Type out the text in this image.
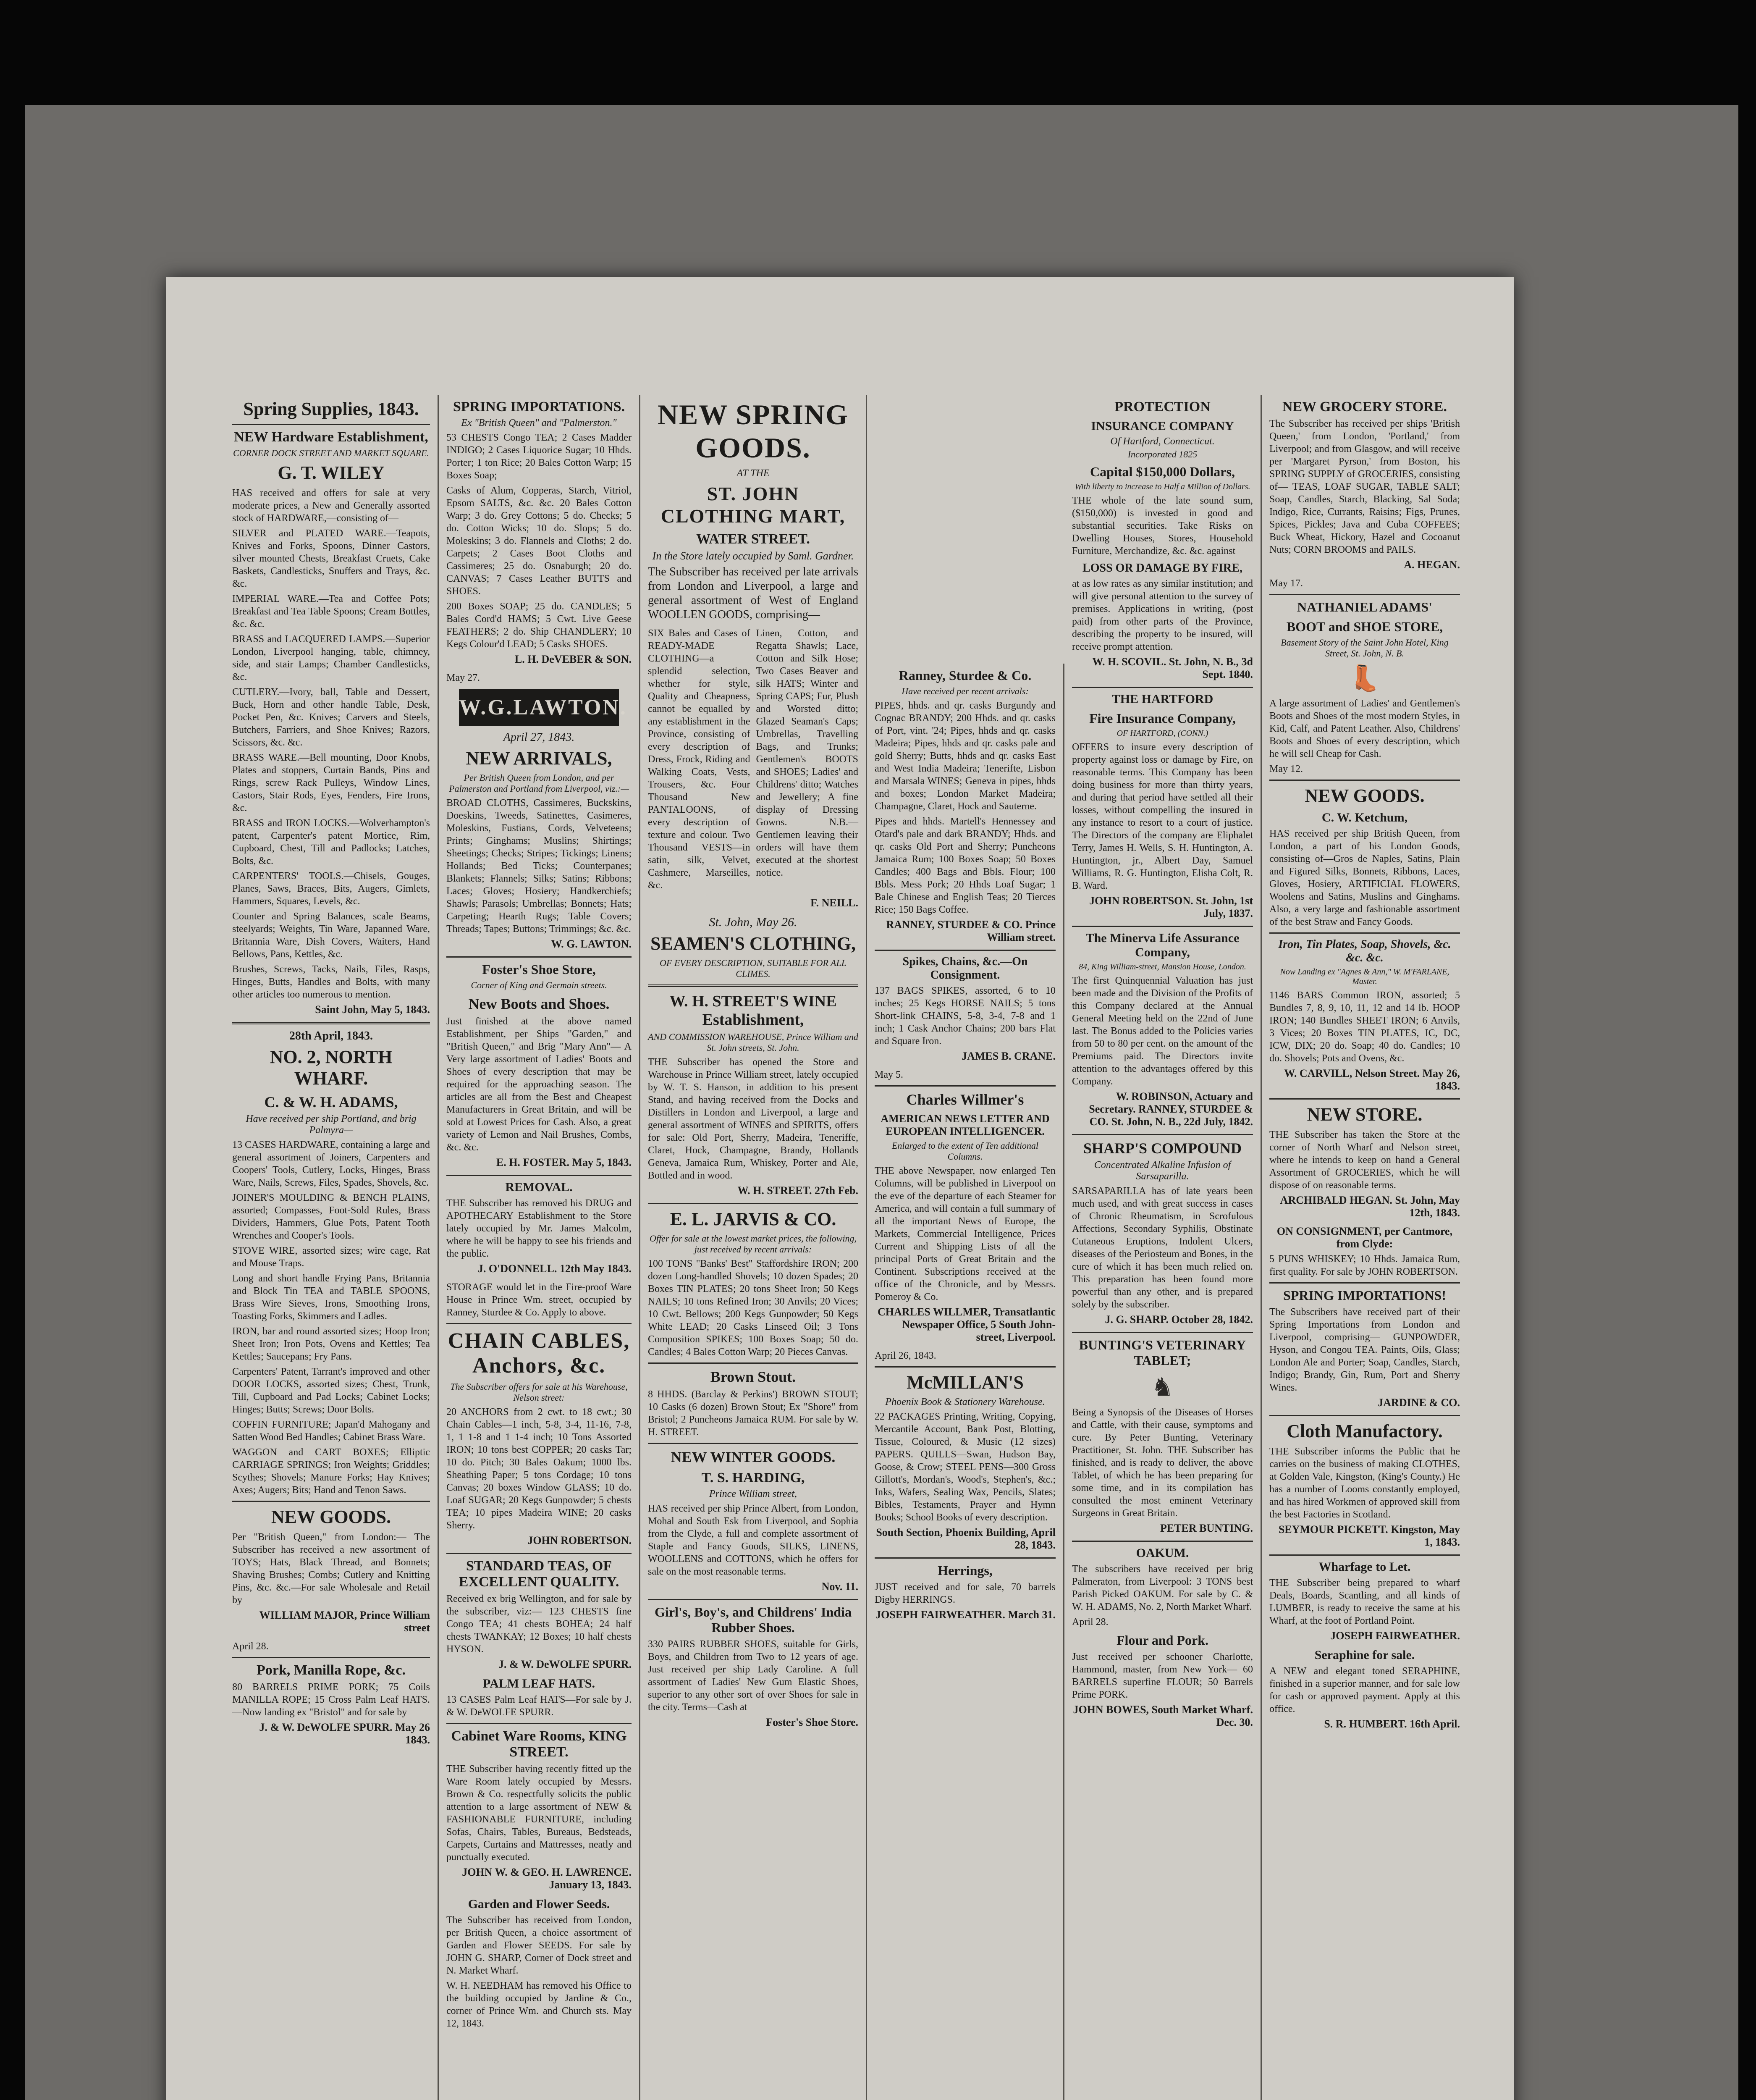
Spring Supplies, 1843.
NEW Hardware Establishment,
CORNER DOCK STREET AND MARKET SQUARE.
G. T. WILEY
HAS received and offers for sale at very moderate prices, a New and Generally assorted stock of HARDWARE,—consisting of—
SILVER and PLATED WARE.—Teapots, Knives and Forks, Spoons, Dinner Castors, silver mounted Chests, Breakfast Cruets, Cake Baskets, Candlesticks, Snuffers and Trays, &c. &c.
IMPERIAL WARE.—Tea and Coffee Pots; Breakfast and Tea Table Spoons; Cream Bottles, &c. &c.
BRASS and LACQUERED LAMPS.—Superior London, Liverpool hanging, table, chimney, side, and stair Lamps; Chamber Candlesticks, &c.
CUTLERY.—Ivory, ball, Table and Dessert, Buck, Horn and other handle Table, Desk, Pocket Pen, &c. Knives; Carvers and Steels, Butchers, Farriers, and Shoe Knives; Razors, Scissors, &c. &c.
BRASS WARE.—Bell mounting, Door Knobs, Plates and stoppers, Curtain Bands, Pins and Rings, screw Rack Pulleys, Window Lines, Castors, Stair Rods, Eyes, Fenders, Fire Irons, &c.
BRASS and IRON LOCKS.—Wolverhampton's patent, Carpenter's patent Mortice, Rim, Cupboard, Chest, Till and Padlocks; Latches, Bolts, &c.
CARPENTERS' TOOLS.—Chisels, Gouges, Planes, Saws, Braces, Bits, Augers, Gimlets, Hammers, Squares, Levels, &c.
Counter and Spring Balances, scale Beams, steelyards; Weights, Tin Ware, Japanned Ware, Britannia Ware, Dish Covers, Waiters, Hand Bellows, Pans, Kettles, &c.
Brushes, Screws, Tacks, Nails, Files, Rasps, Hinges, Butts, Handles and Bolts, with many other articles too numerous to mention.
Saint John, May 5, 1843.
28th April, 1843.
NO. 2, NORTH WHARF.
C. & W. H. ADAMS,
Have received per ship Portland, and brig Palmyra—
13 CASES HARDWARE, containing a large and general assortment of Joiners, Carpenters and Coopers' Tools, Cutlery, Locks, Hinges, Brass Ware, Nails, Screws, Files, Spades, Shovels, &c.
JOINER'S MOULDING & BENCH PLAINS, assorted; Compasses, Foot-Sold Rules, Brass Dividers, Hammers, Glue Pots, Patent Tooth Wrenches and Cooper's Tools.
STOVE WIRE, assorted sizes; wire cage, Rat and Mouse Traps.
Long and short handle Frying Pans, Britannia and Block Tin TEA and TABLE SPOONS, Brass Wire Sieves, Irons, Smoothing Irons, Toasting Forks, Skimmers and Ladles.
IRON, bar and round assorted sizes; Hoop Iron; Sheet Iron; Iron Pots, Ovens and Kettles; Tea Kettles; Saucepans; Fry Pans.
Carpenters' Patent, Tarrant's improved and other DOOR LOCKS, assorted sizes; Chest, Trunk, Till, Cupboard and Pad Locks; Cabinet Locks; Hinges; Butts; Screws; Door Bolts.
COFFIN FURNITURE; Japan'd Mahogany and Satten Wood Bed Handles; Cabinet Brass Ware.
WAGGON and CART BOXES; Elliptic CARRIAGE SPRINGS; Iron Weights; Griddles; Scythes; Shovels; Manure Forks; Hay Knives; Axes; Augers; Bits; Hand and Tenon Saws.
NEW GOODS.
Per "British Queen," from London:— The Subscriber has received a new assortment of TOYS; Hats, Black Thread, and Bonnets; Shaving Brushes; Combs; Cutlery and Knitting Pins, &c. &c.—For sale Wholesale and Retail by
WILLIAM MAJOR, Prince William street
April 28.
Pork, Manilla Rope, &c.
80 BARRELS PRIME PORK; 75 Coils MANILLA ROPE; 15 Cross Palm Leaf HATS.—Now landing ex "Bristol" and for sale by
J. & W. DeWOLFE SPURR. May 26 1843.
SPRING IMPORTATIONS.
Ex "British Queen" and "Palmerston."
53 CHESTS Congo TEA; 2 Cases Madder INDIGO; 2 Cases Liquorice Sugar; 10 Hhds. Porter; 1 ton Rice; 20 Bales Cotton Warp; 15 Boxes Soap;
Casks of Alum, Copperas, Starch, Vitriol, Epsom SALTS, &c. &c. 20 Bales Cotton Warp; 3 do. Grey Cottons; 5 do. Checks; 5 do. Cotton Wicks; 10 do. Slops; 5 do. Moleskins; 3 do. Flannels and Cloths; 2 do. Carpets; 2 Cases Boot Cloths and Cassimeres; 25 do. Osnaburgh; 20 do. CANVAS; 7 Cases Leather BUTTS and SHOES.
200 Boxes SOAP; 25 do. CANDLES; 5 Bales Cord'd HAMS; 5 Cwt. Live Geese FEATHERS; 2 do. Ship CHANDLERY; 10 Kegs Colour'd LEAD; 5 Casks SHOES.
L. H. DeVEBER & SON.
May 27.
W.G.LAWTON.
April 27, 1843.
NEW ARRIVALS,
Per British Queen from London, and per Palmerston and Portland from Liverpool, viz.:—
BROAD CLOTHS, Cassimeres, Buckskins, Doeskins, Tweeds, Satinettes, Casimeres, Moleskins, Fustians, Cords, Velveteens; Prints; Ginghams; Muslins; Shirtings; Sheetings; Checks; Stripes; Tickings; Linens; Hollands; Bed Ticks; Counterpanes; Blankets; Flannels; Silks; Satins; Ribbons; Laces; Gloves; Hosiery; Handkerchiefs; Shawls; Parasols; Umbrellas; Bonnets; Hats; Carpeting; Hearth Rugs; Table Covers; Threads; Tapes; Buttons; Trimmings; &c. &c.
W. G. LAWTON.
Foster's Shoe Store,
Corner of King and Germain streets.
New Boots and Shoes.
Just finished at the above named Establishment, per Ships "Garden," and "British Queen," and Brig "Mary Ann"— A Very large assortment of Ladies' Boots and Shoes of every description that may be required for the approaching season. The articles are all from the Best and Cheapest Manufacturers in Great Britain, and will be sold at Lowest Prices for Cash. Also, a great variety of Lemon and Nail Brushes, Combs, &c. &c.
E. H. FOSTER. May 5, 1843.
REMOVAL.
THE Subscriber has removed his DRUG and APOTHECARY Establishment to the Store lately occupied by Mr. James Malcolm, where he will be happy to see his friends and the public.
J. O'DONNELL. 12th May 1843.
STORAGE would let in the Fire-proof Ware House in Prince Wm. street, occupied by Ranney, Sturdee & Co. Apply to above.
CHAIN CABLES, Anchors, &c.
The Subscriber offers for sale at his Warehouse, Nelson street:
20 ANCHORS from 2 cwt. to 18 cwt.; 30 Chain Cables—1 inch, 5-8, 3-4, 11-16, 7-8, 1, 1 1-8 and 1 1-4 inch; 10 Tons Assorted IRON; 10 tons best COPPER; 20 casks Tar; 10 do. Pitch; 30 Bales Oakum; 1000 lbs. Sheathing Paper; 5 tons Cordage; 10 tons Canvas; 20 boxes Window GLASS; 10 do. Loaf SUGAR; 20 Kegs Gunpowder; 5 chests TEA; 10 pipes Madeira WINE; 20 casks Sherry.
JOHN ROBERTSON.
STANDARD TEAS, OF EXCELLENT QUALITY.
Received ex brig Wellington, and for sale by the subscriber, viz:— 123 CHESTS fine Congo TEA; 41 chests BOHEA; 24 half chests TWANKAY; 12 Boxes; 10 half chests HYSON.
J. & W. DeWOLFE SPURR.
PALM LEAF HATS.
13 CASES Palm Leaf HATS—For sale by J. & W. DeWOLFE SPURR.
Cabinet Ware Rooms, KING STREET.
THE Subscriber having recently fitted up the Ware Room lately occupied by Messrs. Brown & Co. respectfully solicits the public attention to a large assortment of NEW & FASHIONABLE FURNITURE, including Sofas, Chairs, Tables, Bureaus, Bedsteads, Carpets, Curtains and Mattresses, neatly and punctually executed.
JOHN W. & GEO. H. LAWRENCE. January 13, 1843.
Garden and Flower Seeds.
The Subscriber has received from London, per British Queen, a choice assortment of Garden and Flower SEEDS. For sale by JOHN G. SHARP, Corner of Dock street and N. Market Wharf.
W. H. NEEDHAM has removed his Office to the building occupied by Jardine & Co., corner of Prince Wm. and Church sts. May 12, 1843.
NEW SPRING GOODS.
AT THE
ST. JOHN CLOTHING MART,
WATER STREET.
In the Store lately occupied by Saml. Gardner.
The Subscriber has received per late arrivals from London and Liverpool, a large and general assortment of West of England WOOLLEN GOODS, comprising—
SIX Bales and Cases of READY-MADE CLOTHING—a splendid selection, whether for style, Quality and Cheapness, cannot be equalled by any establishment in the Province, consisting of every description of Dress, Frock, Riding and Walking Coats, Vests, Trousers, &c. Four Thousand New PANTALOONS, of every description of texture and colour. Two Thousand VESTS—in satin, silk, Velvet, Cashmere, Marseilles, &c.
Linen, Cotton, and Regatta Shawls; Lace, Cotton and Silk Hose; Two Cases Beaver and silk HATS; Winter and Spring CAPS; Fur, Plush and Worsted ditto; Glazed Seaman's Caps; Umbrellas, Travelling Bags, and Trunks; Gentlemen's BOOTS and SHOES; Ladies' and Childrens' ditto; Watches and Jewellery; A fine display of Dressing Gowns. N.B.—Gentlemen leaving their orders will have them executed at the shortest notice.
F. NEILL.
St. John, May 26.
SEAMEN'S CLOTHING,
OF EVERY DESCRIPTION, SUITABLE FOR ALL CLIMES.
W. H. STREET'S WINE Establishment,
AND COMMISSION WAREHOUSE, Prince William and St. John streets, St. John.
THE Subscriber has opened the Store and Warehouse in Prince William street, lately occupied by W. T. S. Hanson, in addition to his present Stand, and having received from the Docks and Distillers in London and Liverpool, a large and general assortment of WINES and SPIRITS, offers for sale: Old Port, Sherry, Madeira, Teneriffe, Claret, Hock, Champagne, Brandy, Hollands Geneva, Jamaica Rum, Whiskey, Porter and Ale, Bottled and in wood.
W. H. STREET. 27th Feb.
E. L. JARVIS & CO.
Offer for sale at the lowest market prices, the following, just received by recent arrivals:
100 TONS "Banks' Best" Staffordshire IRON; 200 dozen Long-handled Shovels; 10 dozen Spades; 20 Boxes TIN PLATES; 20 tons Sheet Iron; 50 Kegs NAILS; 10 tons Refined Iron; 30 Anvils; 20 Vices; 10 Cwt. Bellows; 200 Kegs Gunpowder; 50 Kegs White LEAD; 20 Casks Linseed Oil; 3 Tons Composition SPIKES; 100 Boxes Soap; 50 do. Candles; 4 Bales Cotton Warp; 20 Pieces Canvas.
Brown Stout.
8 HHDS. (Barclay & Perkins') BROWN STOUT; 10 Casks (6 dozen) Brown Stout; Ex "Shore" from Bristol; 2 Puncheons Jamaica RUM. For sale by W. H. STREET.
NEW WINTER GOODS.
T. S. HARDING,
Prince William street,
HAS received per ship Prince Albert, from London, Mohal and South Esk from Liverpool, and Sophia from the Clyde, a full and complete assortment of Staple and Fancy Goods, SILKS, LINENS, WOOLLENS and COTTONS, which he offers for sale on the most reasonable terms.
Nov. 11.
Girl's, Boy's, and Childrens' India Rubber Shoes.
330 PAIRS RUBBER SHOES, suitable for Girls, Boys, and Children from Two to 12 years of age. Just received per ship Lady Caroline. A full assortment of Ladies' New Gum Elastic Shoes, superior to any other sort of over Shoes for sale in the city. Terms—Cash at
Foster's Shoe Store.
Ranney, Sturdee & Co.
Have received per recent arrivals:
PIPES, hhds. and qr. casks Burgundy and Cognac BRANDY; 200 Hhds. and qr. casks of Port, vint. '24; Pipes, hhds and qr. casks Madeira; Pipes, hhds and qr. casks pale and gold Sherry; Butts, hhds and qr. casks East and West India Madeira; Tenerifte, Lisbon and Marsala WINES; Geneva in pipes, hhds and boxes; London Market Madeira; Champagne, Claret, Hock and Sauterne.
Pipes and hhds. Martell's Hennessey and Otard's pale and dark BRANDY; Hhds. and qr. casks Old Port and Sherry; Puncheons Jamaica Rum; 100 Boxes Soap; 50 Boxes Candles; 400 Bags and Bbls. Flour; 100 Bbls. Mess Pork; 20 Hhds Loaf Sugar; 1 Bale Chinese and English Teas; 20 Tierces Rice; 150 Bags Coffee.
RANNEY, STURDEE & CO. Prince William street.
Spikes, Chains, &c.—On Consignment.
137 BAGS SPIKES, assorted, 6 to 10 inches; 25 Kegs HORSE NAILS; 5 tons Short-link CHAINS, 5-8, 3-4, 7-8 and 1 inch; 1 Cask Anchor Chains; 200 bars Flat and Square Iron.
JAMES B. CRANE.
May 5.
Charles Willmer's
AMERICAN NEWS LETTER AND EUROPEAN INTELLIGENCER.
Enlarged to the extent of Ten additional Columns.
THE above Newspaper, now enlarged Ten Columns, will be published in Liverpool on the eve of the departure of each Steamer for America, and will contain a full summary of all the important News of Europe, the Markets, Commercial Intelligence, Prices Current and Shipping Lists of all the principal Ports of Great Britain and the Continent. Subscriptions received at the office of the Chronicle, and by Messrs. Pomeroy & Co.
CHARLES WILLMER, Transatlantic Newspaper Office, 5 South John-street, Liverpool.
April 26, 1843.
McMILLAN'S
Phoenix Book & Stationery Warehouse.
22 PACKAGES Printing, Writing, Copying, Mercantile Account, Bank Post, Blotting, Tissue, Coloured, & Music (12 sizes) PAPERS. QUILLS—Swan, Hudson Bay, Goose, & Crow; STEEL PENS—300 Gross Gillott's, Mordan's, Wood's, Stephen's, &c.; Inks, Wafers, Sealing Wax, Pencils, Slates; Bibles, Testaments, Prayer and Hymn Books; School Books of every description.
South Section, Phoenix Building, April 28, 1843.
Herrings,
JUST received and for sale, 70 barrels Digby HERRINGS.
JOSEPH FAIRWEATHER. March 31.
PROTECTION
INSURANCE COMPANY
Of Hartford, Connecticut.
Incorporated 1825
Capital $150,000 Dollars,
With liberty to increase to Half a Million of Dollars.
THE whole of the late sound sum, ($150,000) is invested in good and substantial securities. Take Risks on Dwelling Houses, Stores, Household Furniture, Merchandize, &c. &c. against
LOSS OR DAMAGE BY FIRE,
at as low rates as any similar institution; and will give personal attention to the survey of premises. Applications in writing, (post paid) from other parts of the Province, describing the property to be insured, will receive prompt attention.
W. H. SCOVIL. St. John, N. B., 3d Sept. 1840.
THE HARTFORD
Fire Insurance Company,
OF HARTFORD, (CONN.)
OFFERS to insure every description of property against loss or damage by Fire, on reasonable terms. This Company has been doing business for more than thirty years, and during that period have settled all their losses, without compelling the insured in any instance to resort to a court of justice. The Directors of the company are Eliphalet Terry, James H. Wells, S. H. Huntington, A. Huntington, jr., Albert Day, Samuel Williams, R. G. Huntington, Elisha Colt, R. B. Ward.
JOHN ROBERTSON. St. John, 1st July, 1837.
The Minerva Life Assurance Company,
84, King William-street, Mansion House, London.
The first Quinquennial Valuation has just been made and the Division of the Profits of this Company declared at the Annual General Meeting held on the 22nd of June last. The Bonus added to the Policies varies from 50 to 80 per cent. on the amount of the Premiums paid. The Directors invite attention to the advantages offered by this Company.
W. ROBINSON, Actuary and Secretary. RANNEY, STURDEE & CO. St. John, N. B., 22d July, 1842.
SHARP'S COMPOUND
Concentrated Alkaline Infusion of Sarsaparilla.
SARSAPARILLA has of late years been much used, and with great success in cases of Chronic Rheumatism, in Scrofulous Affections, Secondary Syphilis, Obstinate Cutaneous Eruptions, Indolent Ulcers, diseases of the Periosteum and Bones, in the cure of which it has been much relied on. This preparation has been found more powerful than any other, and is prepared solely by the subscriber.
J. G. SHARP. October 28, 1842.
BUNTING'S VETERINARY TABLET;
♞
Being a Synopsis of the Diseases of Horses and Cattle, with their cause, symptoms and cure. By Peter Bunting, Veterinary Practitioner, St. John. THE Subscriber has finished, and is ready to deliver, the above Tablet, of which he has been preparing for some time, and in its compilation has consulted the most eminent Veterinary Surgeons in Great Britain.
PETER BUNTING.
OAKUM.
The subscribers have received per brig Palmeraton, from Liverpool: 3 TONS best Parish Picked OAKUM. For sale by C. & W. H. ADAMS, No. 2, North Market Wharf.
April 28.
Flour and Pork.
Just received per schooner Charlotte, Hammond, master, from New York— 60 BARRELS superfine FLOUR; 50 Barrels Prime PORK.
JOHN BOWES, South Market Wharf. Dec. 30.
NEW GROCERY STORE.
The Subscriber has received per ships 'British Queen,' from London, 'Portland,' from Liverpool; and from Glasgow, and will receive per 'Margaret Pyrson,' from Boston, his SPRING SUPPLY of GROCERIES, consisting of— TEAS, LOAF SUGAR, TABLE SALT; Soap, Candles, Starch, Blacking, Sal Soda; Indigo, Rice, Currants, Raisins; Figs, Prunes, Spices, Pickles; Java and Cuba COFFEES; Buck Wheat, Hickory, Hazel and Cocoanut Nuts; CORN BROOMS and PAILS.
A. HEGAN.
May 17.
NATHANIEL ADAMS'
BOOT and SHOE STORE,
Basement Story of the Saint John Hotel, King Street, St. John, N. B.
👢
A large assortment of Ladies' and Gentlemen's Boots and Shoes of the most modern Styles, in Kid, Calf, and Patent Leather. Also, Childrens' Boots and Shoes of every description, which he will sell Cheap for Cash.
May 12.
NEW GOODS.
C. W. Ketchum,
HAS received per ship British Queen, from London, a part of his London Goods, consisting of—Gros de Naples, Satins, Plain and Figured Silks, Bonnets, Ribbons, Laces, Gloves, Hosiery, ARTIFICIAL FLOWERS, Woolens and Satins, Muslins and Ginghams. Also, a very large and fashionable assortment of the best Straw and Fancy Goods.
Iron, Tin Plates, Soap, Shovels, &c. &c. &c.
Now Landing ex "Agnes & Ann," W. M'FARLANE, Master.
1146 BARS Common IRON, assorted; 5 Bundles 7, 8, 9, 10, 11, 12 and 14 lb. HOOP IRON; 140 Bundles SHEET IRON; 6 Anvils, 3 Vices; 20 Boxes TIN PLATES, IC, DC, ICW, DIX; 20 do. Soap; 40 do. Candles; 10 do. Shovels; Pots and Ovens, &c.
W. CARVILL, Nelson Street. May 26, 1843.
NEW STORE.
THE Subscriber has taken the Store at the corner of North Wharf and Nelson street, where he intends to keep on hand a General Assortment of GROCERIES, which he will dispose of on reasonable terms.
ARCHIBALD HEGAN. St. John, May 12th, 1843.
ON CONSIGNMENT, per Cantmore, from Clyde:
5 PUNS WHISKEY; 10 Hhds. Jamaica Rum, first quality. For sale by JOHN ROBERTSON.
SPRING IMPORTATIONS!
The Subscribers have received part of their Spring Importations from London and Liverpool, comprising— GUNPOWDER, Hyson, and Congou TEA. Paints, Oils, Glass; London Ale and Porter; Soap, Candles, Starch, Indigo; Brandy, Gin, Rum, Port and Sherry Wines.
JARDINE & CO.
Cloth Manufactory.
THE Subscriber informs the Public that he carries on the business of making CLOTHES, at Golden Vale, Kingston, (King's County.) He has a number of Looms constantly employed, and has hired Workmen of approved skill from the best Factories in Scotland.
SEYMOUR PICKETT. Kingston, May 1, 1843.
Wharfage to Let.
THE Subscriber being prepared to wharf Deals, Boards, Scantling, and all kinds of LUMBER, is ready to receive the same at his Wharf, at the foot of Portland Point.
JOSEPH FAIRWEATHER.
Seraphine for sale.
A NEW and elegant toned SERAPHINE, finished in a superior manner, and for sale low for cash or approved payment. Apply at this office.
S. R. HUMBERT. 16th April.
